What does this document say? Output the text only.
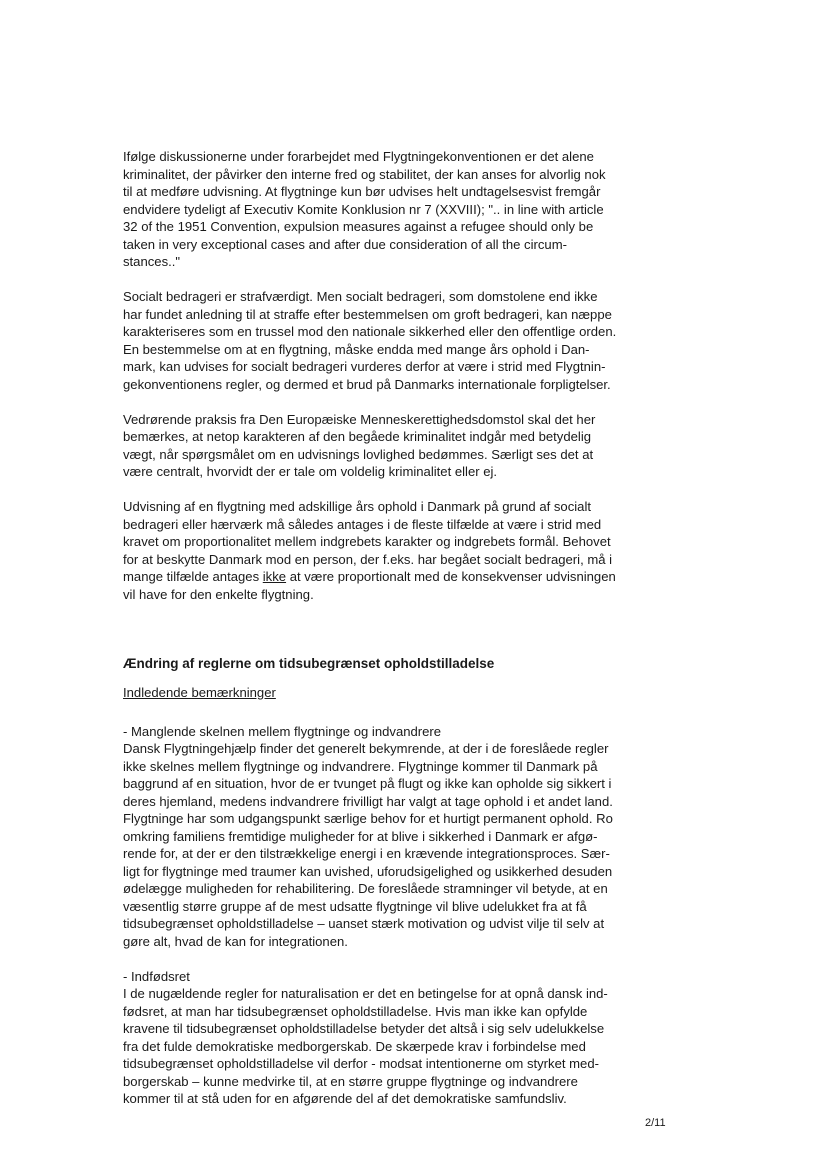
Ifølge diskussionerne under forarbejdet med Flygtningekonventionen er det alene
kriminalitet, der påvirker den interne fred og stabilitet, der kan anses for alvorlig nok
til at medføre udvisning. At flygtninge kun bør udvises helt undtagelsesvist fremgår
endvidere tydeligt af Executiv Komite Konklusion nr 7 (XXVIII); ".. in line with article
32 of the 1951 Convention, expulsion measures against a refugee should only be
taken in very exceptional cases and after due consideration of all the circum-
stances.."
Socialt bedrageri er strafværdigt. Men socialt bedrageri, som domstolene end ikke
har fundet anledning til at straffe efter bestemmelsen om groft bedrageri, kan næppe
karakteriseres som en trussel mod den nationale sikkerhed eller den offentlige orden.
En bestemmelse om at en flygtning, måske endda med mange års ophold i Dan-
mark, kan udvises for socialt bedrageri vurderes derfor at være i strid med Flygtnin-
gekonventionens regler, og dermed et brud på Danmarks internationale forpligtelser.
Vedrørende praksis fra Den Europæiske Menneskerettighedsdomstol skal det her
bemærkes, at netop karakteren af den begåede kriminalitet indgår med betydelig
vægt, når spørgsmålet om en udvisnings lovlighed bedømmes. Særligt ses det at
være centralt, hvorvidt der er tale om voldelig kriminalitet eller ej.
Udvisning af en flygtning med adskillige års ophold i Danmark på grund af socialt
bedrageri eller hærværk må således antages i de fleste tilfælde at være i strid med
kravet om proportionalitet mellem indgrebets karakter og indgrebets formål. Behovet
for at beskytte Danmark mod en person, der f.eks. har begået socialt bedrageri, må i
mange tilfælde antages ikke at være proportionalt med de konsekvenser udvisningen
vil have for den enkelte flygtning.
Ændring af reglerne om tidsubegrænset opholdstilladelse
Indledende bemærkninger
- Manglende skelnen mellem flygtninge og indvandrere
Dansk Flygtningehjælp finder det generelt bekymrende, at der i de foreslåede regler
ikke skelnes mellem flygtninge og indvandrere. Flygtninge kommer til Danmark på
baggrund af en situation, hvor de er tvunget på flugt og ikke kan opholde sig sikkert i
deres hjemland, medens indvandrere frivilligt har valgt at tage ophold i et andet land.
Flygtninge har som udgangspunkt særlige behov for et hurtigt permanent ophold. Ro
omkring familiens fremtidige muligheder for at blive i sikkerhed i Danmark er afgø-
rende for, at der er den tilstrækkelige energi i en krævende integrationsproces. Sær-
ligt for flygtninge med traumer kan uvished, uforudsigelighed og usikkerhed desuden
ødelægge muligheden for rehabilitering. De foreslåede stramninger vil betyde, at en
væsentlig større gruppe af de mest udsatte flygtninge vil blive udelukket fra at få
tidsubegrænset opholdstilladelse – uanset stærk motivation og udvist vilje til selv at
gøre alt, hvad de kan for integrationen.
- Indfødsret
I de nugældende regler for naturalisation er det en betingelse for at opnå dansk ind-
fødsret, at man har tidsubegrænset opholdstilladelse. Hvis man ikke kan opfylde
kravene til tidsubegrænset opholdstilladelse betyder det altså i sig selv udelukkelse
fra det fulde demokratiske medborgerskab. De skærpede krav i forbindelse med
tidsubegrænset opholdstilladelse vil derfor - modsat intentionerne om styrket med-
borgerskab – kunne medvirke til, at en større gruppe flygtninge og indvandrere
kommer til at stå uden for en afgørende del af det demokratiske samfundsliv.
2/11
